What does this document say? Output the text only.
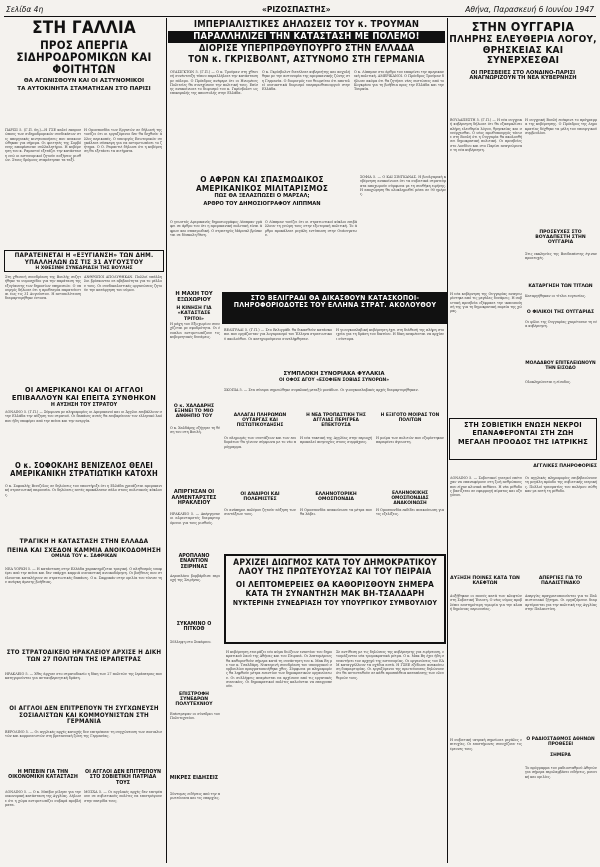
Σελίδα 4η	«ΡΙΖΟΣΠΑΣΤΗΣ»	Αθήνα, Παρασκευή 6 Ιουνίου 1947
ΣΤΗ ΓΑΛΛΙΑ
ΠΡΟΣ ΑΠΕΡΓΙΑ ΣΙΔΗΡΟΔΡΟΜΙΚΩΝ ΚΑΙ ΦΟΙΤΗΤΩΝ
ΘΑ ΑΓΩΝΙΣΘΟΥΝ ΚΑΙ ΟΙ ΑΣΤΥΝΟΜΙΚΟΙ
ΤΑ ΑΥΤΟΚΙΝΗΤΑ ΣΤΑΜΑΤΗΣΑΝ ΣΤΟ ΠΑΡΙΣΙ
ΠΑΡΙΣΙ 5. (Γ.Π. 6η.)—Η ΓΣΕ καλεί εκπροσώπους των σιδηροδρομικών συνδικάτων στις απεργιακές κινητοποιήσεις που ανακοινώθηκαν για σήμερα. Οι φοιτητές της Σορβόννης αποφάσισαν συλλαλητήριο. Η κυβέρνηση του κ. Ραμαντιέ εξετάζει την κατάσταση ενώ οι αστυνομικοί ζητούν αυξήσεις μισθών. Στους δρόμους σταμάτησαν τα ταξί.
Η Ομοσπονδία των Εργατών σε δήλωσή της τονίζει ότι οι εργαζόμενοι δεν θα δεχθούν άλλες περικοπές. Ο υπουργός Εσωτερικών συγκάλεσε σύσκεψη για να αντιμετωπίσει το ζήτημα. Ο Ο. Ραμαντιέ δήλωσε ότι η κυβέρνηση θα εξετάσει τα αιτήματα.
ΠΑΡΑΤΕΙΝΕΤΑΙ Η «ΕΞΥΓΙΑΝΣΗ» ΤΩΝ ΔΗΜ. ΥΠΑΛΛΗΛΩΝ ΩΣ ΤΙΣ 31 ΑΥΓΟΥΣΤΟΥ
Η ΧΘΕΣΙΝΗ ΣΥΝΕΔΡΙΑΣΗ ΤΗΣ ΒΟΥΛΗΣ
Στη χθεσινή συνεδρίαση της Βουλής συζητήθηκε το νομοσχέδιο για την παράταση της εξυγίανσης των δημοσίων υπηρεσιών. Ο υπουργός δήλωσε ότι η προθεσμία παρατείνεται έως τις 31 Αυγούστου. Η αντιπολίτευση διαμαρτυρήθηκε έντονα.
ΑΝΘΡΩΠΟΙ ΑΠΟΛΥΘΗΚΑΝ. Πολλοί υπάλληλοι βρίσκονται σε αβεβαιότητα για το μέλλον τους. Οι συνδικαλιστικές οργανώσεις ζητούν την κατάργηση του νόμου.
ΟΙ ΑΜΕΡΙΚΑΝΟΙ ΚΑΙ ΟΙ ΑΓΓΛΟΙ ΕΠΙΒΑΛΛΟΥΝ ΚΑΙ ΕΠΕΙΤΑ ΣΥΝΘΗΚΟΝ
Η ΑΥΣΗΣΗ ΤΟΥ ΣΤΡΑΤΟΥ
ΛΟΝΔΙΝΟ 5. (Γ.Π.) — Σύμφωνα με πληροφορίες οι Αμερικανοί και οι Άγγλοι επιβάλλουν στην Ελλάδα την αύξηση του στρατού. Οι δαπάνες αυτές θα επιβαρύνουν τον ελληνικό λαό που ήδη υποφέρει από την πείνα και την ανεργία.
Ο κ. ΣΟΦΟΚΛΗΣ ΒΕΝΙΖΕΛΟΣ ΘΕΛΕΙ ΑΜΕΡΙΚΑΝΙΚΗ ΣΤΡΑΤΙΩΤΙΚΗ ΚΑΤΟΧΗ
Ο κ. Σοφοκλής Βενιζέλος σε δηλώσεις του υποστήριξε ότι η Ελλάδα χρειάζεται αμερικανική στρατιωτική παρουσία. Οι δηλώσεις αυτές προκάλεσαν σάλο στους πολιτικούς κύκλους.
ΤΡΑΓΙΚΗ Η ΚΑΤΑΣΤΑΣΗ ΣΤΗΝ ΕΛΛΑΔΑ
ΠΕΙΝΑ ΚΑΙ ΣΧΕΔΟΝ ΚΑΜΜΙΑ ΑΝΟΙΚΟΔΟΜΗΣΗ
ΟΜΙΛΙΑ ΤΟΥ κ. ΣΑΦΡΙΚΑΝ
ΝΕΑ ΥΟΡΚΗ 5. — Η κατάσταση στην Ελλάδα χαρακτηρίζεται τραγική. Ο πληθυσμός υποφέρει από την πείνα και δεν υπάρχει καμμιά ουσιαστική ανοικοδόμηση. Οι βοήθειες που στέλνονται καταλήγουν σε στρατιωτικές δαπάνες. Ο κ. Σαφρικάν στην ομιλία του τόνισε την ανάγκη άμεσης βοήθειας.
ΣΤΟ ΣΤΡΑΤΟΔΙΚΕΙΟ ΗΡΑΚΛΕΙΟΥ ΑΡΧΙΣΕ Η ΔΙΚΗ ΤΩΝ 27 ΠΟΛΙΤΩΝ ΤΗΣ ΙΕΡΑΠΕΤΡΑΣ
ΗΡΑΚΛΕΙΟ 5. — Χθες άρχισε στο στρατοδικείο η δίκη των 27 πολιτών της Ιεράπετρας που κατηγορούνται για αντικυβερνητική δράση.
ΟΙ ΑΓΓΛΟΙ ΔΕΝ ΕΠΙΤΡΕΠΟΥΝ ΤΗ ΣΥΓΧΩΝΕΥΣΗ ΣΟΣΙΑΛΙΣΤΩΝ ΚΑΙ ΚΟΜΜΟΥΝΙΣΤΩΝ ΣΤΗ ΓΕΡΜΑΝΙΑ
ΒΕΡΟΛΙΝΟ 5. — Οι αγγλικές αρχές κατοχής δεν επιτρέπουν τη συγχώνευση των σοσιαλιστών και κομμουνιστών στη βρεταννική ζώνη της Γερμανίας.
Η ΜΠΕΒΙΝ ΓΙΑ ΤΗΝ ΟΙΚΟΝΟΜΙΚΗ ΚΑΤΑΣΤΑΣΗ
ΟΙ ΑΓΓΛΟΙ ΔΕΝ ΕΠΙΤΡΕΠΟΥΝ ΣΤΟ ΣΟΒΙΕΤΙΚΗ ΠΑΤΡΙΔΑ ΤΟΥΣ
ΛΟΝΔΙΝΟ 5. — Ο κ. Μπέβιν μίλησε για την οικονομική κατάσταση της Αγγλίας. Δήλωσε ότι η χώρα αντιμετωπίζει σοβαρά προβλήματα.
ΜΟΣΧΑ 5. — Οι αγγλικές αρχές δεν επιτρέπουν σε σοβιετικούς πολίτες να επιστρέψουν στην πατρίδα τους.
ΙΜΠΕΡΙΑΛΙΣΤΙΚΕΣ ΔΗΛΩΣΕΙΣ ΤΟΥ κ. ΤΡΟΥΜΑΝ
ΠΑΡΑΛΛΗΛΙΖΕΙ ΤΗΝ ΚΑΤΑΣΤΑΣΗ ΜΕ ΠΟΛΕΜΟ!
ΔΙΟΡΙΣΕ ΥΠΕΡΠΡΩΘΥΠΟΥΡΓΟ ΣΤΗΝ ΕΛΛΑΔΑ
ΤΟΝ κ. ΓΚΡΙΣΒΟΛΝΤ, ΑΣΤΥΝΟΜΟ ΣΤΗ ΓΕΡΜΑΝΙΑ
ΟΥΑΣΙΓΚΤΩΝ 5. (Γ.Π.) — Ο κ. Τρούμαν στη χθεσινή συνέντευξη τύπου παραλλήλισε την κατάσταση με πόλεμο. Ο Πρόεδρος ανέφερε ότι οι Ηνωμένες Πολιτείες θα συνεχίσουν την πολιτική τους. Επίσης ανακοίνωσε το διορισμό του κ. Γκρίσβολντ ως επικεφαλής της αποστολής στην Ελλάδα.
Ο κ. Γκρίσβολντ διετέλεσε κυβερνήτης και ασχολήθηκε με την αστυνομία της αμερικανικής ζώνης στη Γερμανία. Ο διορισμός του θεωρείται ότι αποτελεί ουσιαστικά διορισμό υπερπρωθυπουργού στην Ελλάδα.
Ο κ. Λίππμαν στο άρθρο του επικρίνει την αμερικανική πολιτική. ΑΜΕΡΙΚΑΝΟΙ. Ο Πρόεδρος Τρούμαν δήλωσε ακόμα ότι θα ζητήσει νέες πιστώσεις από το Κογκρέσο για τη βοήθεια προς την Ελλάδα και την Τουρκία.
Ο ΑΦΡΩΝ ΚΑΙ ΣΠΑΣΜΩΔΙΚΟΣ ΑΜΕΡΙΚΑΝΙΚΟΣ ΜΙΛΙΤΑΡΙΣΜΟΣ
ΠΩΣ ΘΑ ΞΕΛΑΣΠΩΣΕΙ Ο ΜΑΡΣΑΛ;
ΑΡΘΡΟ ΤΟΥ ΔΗΜΟΣΙΟΓΡΑΦΟΥ ΛΙΠΠΜΑΝ
Ο γνωστός Αμερικανός δημοσιογράφος Λίππμαν γράφει σε άρθρο του ότι η αμερικανική πολιτική είναι άφρων και σπασμωδική. Ο στρατηγός Μάρσαλ βρίσκεται σε δύσκολη θέση.
Ο Λίππμαν τονίζει ότι οι στρατιωτικοί κύκλοι επιβάλλουν τη γνώμη τους στην εξωτερική πολιτική. Το άρθρο προκάλεσε μεγάλη εντύπωση στην Ουάσιγκτων.
ΣΟΦΙΑ 5. — Ο ΚΑΙ ΣΙΝΓΚΑΝΑΣ. Η βουλγαρική κυβέρνηση ανακοίνωσε ότι τα σοβιετικά στρατεύματα αποχωρούν σύμφωνα με τη συνθήκη ειρήνης. Η αποχώρηση θα ολοκληρωθεί μέσα σε 90 ημέρες.
ΣΤΟ ΒΕΛΙΓΡΑΔΙ ΘΑ ΔΙΚΑΣΘΟΥΝ ΚΑΤΑΣΚΟΠΟΙ-ΠΛΗΡΟΦΟΡΙΟΔΟΤΕΣ ΤΟΥ ΕΛΛΗΝΑ ΣΤΡΑΤ. ΑΚΟΛΟΥΘΟΥ
Η ΜΑΧΗ ΤΟΥ ΕΞΩΧΩΡΙΟΥ
Η ΚΙΝΗΣΗ ΓΙΑ «ΚΑΤΑΣΤΑΣΕ ΤΡΙΤΟΙ»
Η μάχη του Εξωχωρίου συνεχίζεται με σφοδρότητα. Οι ένοπλοι αντιμετωπίζουν τις κυβερνητικές δυνάμεις.
ΒΕΛΙΓΡΑΔΙ 5. (Γ.Π.) — Στο Βελιγράδι θα δικασθούν κατάσκοποι που εργάζονταν για λογαριασμό του Έλληνα στρατιωτικού ακολούθου. Οι κατηγορούμενοι συνελήφθησαν.
Η γιουγκοσλαβική κυβέρνηση έχει στη διάθεσή της πλήρη στοιχεία για τη δράση του δικτύου. Η δίκη αναμένεται να αρχίσει σύντομα.
ΣΥΜΠΛΟΚΗ ΣΥΝΟΡΙΑΚΑ ΦΥΛΑΚΙΑ
ΟΙ ΟΦΟΣ ΑΓΟΥ «ΕΣΟΦΙΕΝ ΣΟΒΙΑΣ ΣΥΝΟΡΩΝ»
ΣΚΟΠΙΑ 5. — Στα σύνορα σημειώθηκε συμπλοκή μεταξύ μονάδων. Οι γιουγκοσλαβικές αρχές διαμαρτυρήθηκαν.
Ο κ. ΧΑΛΔΑΡΗΣ ΕΞΗΝΕΙ ΤΟ ΜΙΟ ΑΝΘΗΠΙΟ ΤΟΥ
Ο κ. Χαλδάρης εξήγησε τη θέση του στη Βουλή.
ΑΠΙΡΓΗΣΑΝ ΟΙ ΑΛΜΕΝΤΑΡΣΤΕΣ ΗΡΑΚΛΕΙΟΥ
ΗΡΑΚΛΕΙΟ 5. — Απέργησαν οι αλμενταρστές διαμαρτυρόμενοι για τους μισθούς.
ΑΛΛΑΓΑΙ ΠΛΗΡΩΜΩΝ ΟΥΤΑΡΓΑΣ ΚΑΙ ΠΙΣΤΩΤΙΚΟΥΔΗΣΗΣ
Οι πληρωμές των συντάξεων και των επιδομάτων θα γίνουν σύμφωνα με το νέο πρόγραμμα.
Η ΝΕΑ ΤΡΟΠΑΣΤΙΚΗ ΤΗΣ ΑΓΓΛΙΑΣ ΠΕΡΙΓΡΕΑ ΕΠΕΚΤΟΥΣΑ
Η νέα τακτική της Αγγλίας στην περιοχή προκαλεί ανησυχίες στους συμμάχους.
Η ΕΞΙΓΟΤΟ ΜΟΙΡΑΣ ΤΟΝ ΠΟΛΙΤΩΝ
Η μοίρα των πολιτών που εξορίστηκαν παραμένει άγνωστη.
ΟΙ ΑΝΑΙΡΟΙ ΚΑΙ ΠΟΛΕΜΙΣΤΕΣ
Οι ανάπηροι πολέμου ζητούν αύξηση των συντάξεων τους.
ΕΛΛΗΝΟΤΟΡΙΚΗ ΟΜΟΣΠΟΝΔΙΑ
Η Ομοσπονδία ανακοίνωσε τα μέτρα που θα λάβει.
ΕΛΛΗΝΟΚΙΚΗΣ ΟΜΟΣΠΟΝΔΙΑΣ ΑΝΑΚΟΙΝΩΣΗ
Η Ομοσπονδία εκδίδει ανακοίνωση για τις εξελίξεις.
ΑΡΧΙΖΕΙ ΔΙΩΓΜΟΣ ΚΑΤΑ ΤΟΥ ΔΗΜΟΚΡΑΤΙΚΟΥ ΛΑΟΥ ΤΗΣ ΠΡΩΤΕΥΟΥΣΑΣ ΚΑΙ ΤΟΥ ΠΕΙΡΑΙΑ
ΟΙ ΛΕΠΤΟΜΕΡΕΙΕΣ ΘΑ ΚΑΘΟΡΙΣΘΟΥΝ ΣΗΜΕΡΑ ΚΑΤΑ ΤΗ ΣΥΝΑΝΤΗΣΗ ΜΑΚ ΒΗ-ΤΣΑΛΔΑΡΗ
ΝΥΚΤΕΡΙΝΗ ΣΥΝΕΔΡΙΑΣΗ ΤΟΥ ΥΠΟΥΡΓΙΚΟΥ ΣΥΜΒΟΥΛΙΟΥ
ΑΡΟΠΛΑΝΟ ΕΝΑΝΤΙΟΝ ΣΕΙΡΗΝΑΣ
Αεροπλάνο βομβάρδισε περιοχή της Σειρήνας.
ΣΥΚΑΜΙΝΟ Ο ΠΙΤΚΟΘ
Σύλληψη στο Συκάμινο.
ΕΠΙΣΤΡΟΦΗ ΣΥΝΕΔΡΩΝ ΠΟΛΥΤΕΧΝΙΟΥ
Επέστρεψαν οι σύνεδροι του Πολυτεχνείου.
ΜΙΚΡΕΣ ΕΙΔΗΣΕΙΣ
Σύντομες ειδήσεις από την πρωτεύουσα και τις επαρχίες.
Η κυβέρνηση ετοιμάζει νέο κύμα διώξεων εναντίον του δημοκρατικού λαού της Αθήνας και του Πειραιά. Οι λεπτομέρειες θα καθορισθούν σήμερα κατά τη συνάντηση του κ. Μακ Βη με τον κ. Τσαλδάρη. Νυκτερινή συνεδρίαση του υπουργικού συμβουλίου πραγματοποιήθηκε χθες. Σύμφωνα με πληροφορίες θα ληφθούν μέτρα εναντίον των δημοκρατικών οργανώσεων. Οι συλλήψεις αναμένεται να αρχίσουν από τις εργατικές συνοικίες. Οι δημοκρατικοί πολίτες καλούνται να επαγρυπνούν.
Σε αντίθεση με τις δηλώσεις της κυβέρνησης για ειρήνευση, ετοιμάζονται νέα τρομοκρατικά μέτρα. Ο κ. Μακ Βη έχει ήδη συναντήσει τον αρχηγό της αστυνομίας. Οι οργανώσεις του ΕΑΜ καταγγέλλουν τα σχέδια αυτά. Η ΓΣΕΕ εξέδωσε ανακοίνωση διαμαρτυρίας. Οι εργαζόμενοι της πρωτεύουσας δηλώνουν ότι θα αντισταθούν σε κάθε προσπάθεια καταπίεσης των ελευθεριών τους.
ΣΤΗΝ ΟΥΓΓΑΡΙΑ
ΠΛΗΡΗΣ ΕΛΕΥΘΕΡΙΑ ΛΟΓΟΥ, ΘΡΗΣΚΕΙΑΣ ΚΑΙ ΣΥΝΕΡΧΕΣΘΑΙ
ΟΙ ΠΡΕΣΒΕΙΕΣ ΣΤΟ ΛΟΝΔΙΝΟ-ΠΑΡΙΣΙ ΑΝΑΓΝΩΡΙΖΟΥΝ ΤΗ ΝΕΑ ΚΥΒΕΡΝΗΣΗ
ΒΟΥΔΑΠΕΣΤΗ 5. (Γ.Π.) — Η νέα ουγγρική κυβέρνηση δήλωσε ότι θα εξασφαλίσει πλήρη ελευθερία λόγου, θρησκείας και συνέρχεσθαι. Ο νέος πρωθυπουργός τόνισε στη Βουλή ότι η Ουγγαρία θα ακολουθήσει δημοκρατική πολιτική. Οι πρεσβείες στο Λονδίνο και στο Παρίσι αναγνώρισαν τη νέα κυβέρνηση.
Η ουγγρική Βουλή ενέκρινε το πρόγραμμα της κυβέρνησης. Ο Πρόεδρος της Δημοκρατίας δέχθηκε τα μέλη του υπουργικού συμβουλίου.
ΠΡΟΣΕΥΧΕΣ ΣΤΟ ΒΟΥΔΑΠΕΣΤΗ ΣΤΗΝ ΟΥΓΓΑΡΙΑ
Στις εκκλησίες της Βουδαπέστης έγιναν προσευχές.
ΚΑΤΑΡΓΗΣΗ ΤΩΝ ΤΙΤΛΩΝ
Καταργήθηκαν οι τίτλοι ευγενείας.
Ο ΦΙΛΙΚΟΙ ΤΗΣ ΟΥΓΓΑΡΙΑΣ
Οι φίλοι της Ουγγαρίας χαιρέτισαν τη νέα κυβέρνηση.
ΜΟΛΔΑΒΟΥ ΕΠΙΤΕΛΕΙΩΝΟΥΝ ΤΗΝ ΕΙΣΟΔΟ
Η νέα κυβέρνηση της Ουγγαρίας αναγνωρίστηκε από τις μεγάλες δυνάμεις. Η σοβιετική πρεσβεία εξέφρασε την ικανοποίησή της για τη δημοκρατική πορεία της χώρας.
Ολοκληρώνεται η είσοδος.
ΣΤΗ ΣΟΒΙΕΤΙΚΗ ΕΝΩΣΗ ΝΕΚΡΟΙ ΕΠΑΝΑΦΕΡΟΝΤΑΙ ΣΤΗ ΖΩΗ
ΜΕΓΑΛΗ ΠΡΟΟΔΟΣ ΤΗΣ ΙΑΤΡΙΚΗΣ
ΑΓΓΛΙΚΕΣ ΠΛΗΡΟΦΟΡΙΕΣ
ΛΟΝΔΙΝΟ 5. — Σοβιετικοί γιατροί επέτυχαν να επαναφέρουν στη ζωή ανθρώπους που είχαν κλινικά πεθάνει. Η νέα μέθοδος βασίζεται σε εφαρμογή αίματος και οξυγόνου.
Οι αγγλικές πληροφορίες επιβεβαιώνουν τη μεγάλη πρόοδο της σοβιετικής ιατρικής. Πολλοί τραυματίες του πολέμου σώθηκαν με αυτή τη μέθοδο.
ΑΥΞΗΣΗ ΠΟΙΝΕΣ ΚΑΤΑ ΤΩΝ ΚΛΕΦΤΩΝ
Αυξήθηκαν οι ποινές κατά των κλεφτών στη Σοβιετική Ένωση. Ο νέος νόμος προβλέπει αυστηρότερη τιμωρία για την κλοπή δημόσιας περιουσίας.
ΑΠΕΡΓΙΕΣ ΓΙΑ ΤΟ ΠΑΛΑΙΣΤΙΝΑΚΟ
Απεργίες πραγματοποιούνται για το Παλαιστινιακό ζήτημα. Οι εργαζόμενοι διαμαρτύρονται για την πολιτική της Αγγλίας στην Παλαιστίνη.
Ο ΡΑΔΙΟΣΤΑΘΜΟΣ ΑΘΗΝΩΝ ΠΡΟΘΕΣΕΙ
ΣΗΜΕΡΑ
Η σοβιετική ιατρική σημείωσε μεγάλες επιτυχίες. Οι επιστήμονες συνεχίζουν τις έρευνες τους.
Το πρόγραμμα του ραδιοσταθμού Αθηνών για σήμερα περιλαμβάνει ειδήσεις, μουσική και ομιλίες.
